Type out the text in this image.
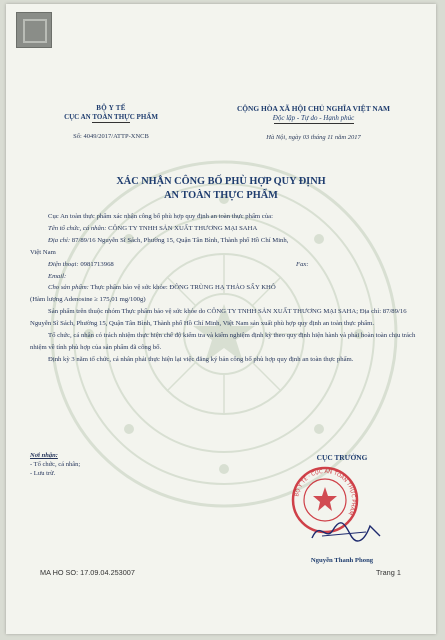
BỘ Y TẾ
CỤC AN TOÀN THỰC PHẨM
Số: 4049/2017/ATTP-XNCB
CỘNG HÒA XÃ HỘI CHỦ NGHĨA VIỆT NAM
Độc lập - Tự do - Hạnh phúc
Hà Nội, ngày 03 tháng 11 năm 2017
XÁC NHẬN CÔNG BỐ PHÙ HỢP QUY ĐỊNH
AN TOÀN THỰC PHẨM

Cục An toàn thực phẩm xác nhận công bố phù hợp quy định an toàn thực phẩm của:

Tên tổ chức, cá nhân: CÔNG TY TNHH SẢN XUẤT THƯƠNG MẠI SAHA

Địa chỉ: 87/89/16 Nguyễn Sĩ Sách, Phường 15, Quận Tân Bình, Thành phố Hồ Chí Minh,

Việt Nam

Điện thoại: 0981713968	Fax:

Email:

Cho sản phẩm: Thực phẩm bảo vệ sức khỏe: ĐÔNG TRÙNG HẠ THẢO SẤY KHÔ

(Hàm lượng Adenosine ≥ 175,01 mg/100g)

Sản phẩm trên thuộc nhóm Thực phẩm bảo vệ sức khỏe do CÔNG TY TNHH SẢN XUẤT THƯƠNG MẠI SAHA; Địa chỉ: 87/89/16 Nguyễn Sĩ Sách, Phường 15, Quận Tân Bình, Thành phố Hồ Chí Minh, Việt Nam sản xuất phù hợp quy định an toàn thực phẩm.

Tổ chức, cá nhân có trách nhiệm thực hiện chế độ kiểm tra và kiểm nghiệm định kỳ theo quy định hiện hành và phải hoàn toàn chịu trách nhiệm về tính phù hợp của sản phẩm đã công bố.

Định kỳ 3 năm tổ chức, cá nhân phải thực hiện lại việc đăng ký bản công bố phù hợp quy định an toàn thực phẩm.

Nơi nhận:
- Tổ chức, cá nhân;
- Lưu trữ.
CỤC TRƯỞNG
BỘ Y TẾ · CỤC AN TOÀN THỰC PHẨM
Nguyễn Thanh Phong
MA HO SO: 17.09.04.253007	Trang 1
